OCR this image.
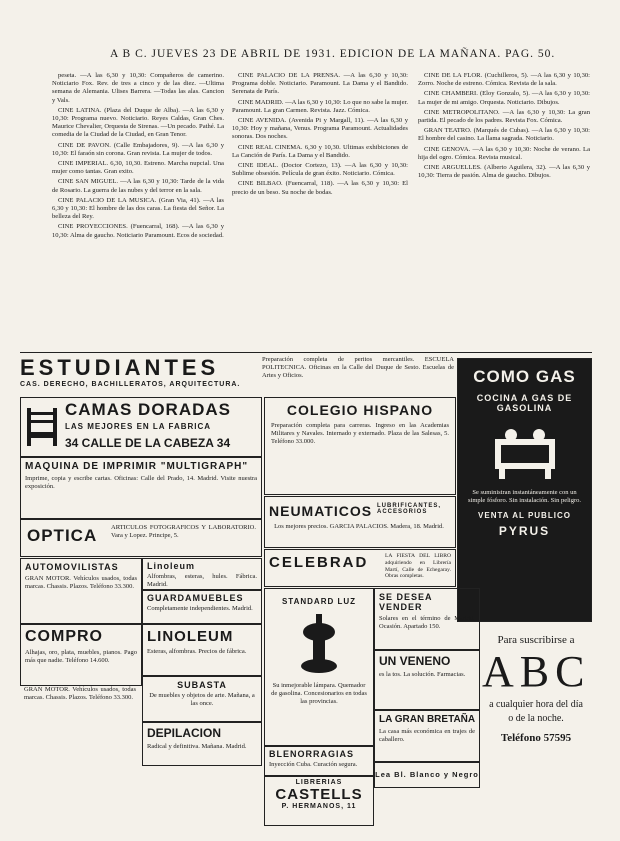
A B C. JUEVES 23 DE ABRIL DE 1931. EDICION DE LA MAÑANA. PAG. 50.

peseta. —A las 6,30 y 10,30: Compañeros de camerino. Noticiario Fox. Rev. de tres a cinco y de las diez. —Ultima semana de Alemania. Ulises Barrera. —Todas las alas. Cancion y Vals.

CINE LATINA. (Plaza del Duque de Alba). —A las 6,30 y 10,30: Programa nuevo. Noticiario. Reyes Caldas, Gran Ches. Maurice Chevalier, Orquesta de Sirenas. —Un pecado. Pathé. La comedia de la Ciudad de la Ciudad, en Gran Tenor.

CINE DE PAVON. (Calle Embajadores, 9). —A las 6,30 y 10,30: El faraón sin corona. Gran revista. La mujer de todos.

CINE IMPERIAL. 6,30, 10,30. Estreno. Marcha nupcial. Una mujer como tantas. Gran exito.

CINE SAN MIGUEL. —A las 6,30 y 10,30: Tarde de la vida de Rosario. La guerra de las nubes y del terror en la sala.

CINE PALACIO DE LA MUSICA. (Gran Via, 41). —A las 6,30 y 10,30: El hombre de las dos caras. La fiesta del Señor. La belleza del Rey.

CINE PROYECCIONES. (Fuencarral, 168). —A las 6,30 y 10,30: Alma de gaucho. Noticiario Paramount. Ecos de sociedad.

CINE PALACIO DE LA PRENSA. —A las 6,30 y 10,30: Programa doble. Noticiario. Paramount. La Dama y el Bandido. Serenata de París.

CINE MADRID. —A las 6,30 y 10,30: Lo que no sabe la mujer. Paramount. La gran Carmen. Revista. Jazz. Cómica.

CINE AVENIDA. (Avenida Pi y Margall, 11). —A las 6,30 y 10,30: Hoy y mañana, Venus. Programa Paramount. Actualidades sonoras. Dos noches.

CINE REAL CINEMA. 6,30 y 10,30. Ultimas exhibiciones de La Canción de París. La Dama y el Bandido.

CINE IDEAL. (Doctor Cortezo, 13). —A las 6,30 y 10,30: Sublime obsesión. Película de gran éxito. Noticiario. Cómica.

CINE BILBAO. (Fuencarral, 118). —A las 6,30 y 10,30: El precio de un beso. Su noche de bodas.

CINE DE LA FLOR. (Cuchilleros, 5). —A las 6,30 y 10,30: Zorro. Noche de estreno. Cómica. Revista de la sala.

CINE CHAMBERI. (Eloy Gonzalo, 5). —A las 6,30 y 10,30: La mujer de mi amigo. Orquesta. Noticiario. Dibujos.

CINE METROPOLITANO. —A las 6,30 y 10,30: La gran partida. El pecado de los padres. Revista Fox. Cómica.

GRAN TEATRO. (Marqués de Cubas). —A las 6,30 y 10,30: El hombre del casino. La llama sagrada. Noticiario.

CINE GENOVA. —A las 6,30 y 10,30: Noche de verano. La hija del ogro. Cómica. Revista musical.

CINE ARGUELLES. (Alberto Aguilera, 32). —A las 6,30 y 10,30: Tierra de pasión. Alma de gaucho. Dibujos.

ESTUDIANTES
CAS. DERECHO, BACHILLERATOS, ARQUITECTURA.
Preparación completa de peritos mercantiles. ESCUELA POLITECNICA. Oficinas en la Calle del Duque de Sesto. Escuelas de Artes y Oficios.	COMO GAS
COCINA A GAS DE GASOLINA
Se suministran instantáneamente con un simple fósforo. Sin instalación. Sin peligro.
VENTA AL PUBLICO
PYRUS
CAMAS DORADAS
LAS MEJORES EN LA FABRICA
34 CALLE DE LA CABEZA 34
COLEGIO HISPANO
Preparación completa para carreras. Ingreso en las Academias Militares y Navales. Internado y externado. Plaza de las Salesas, 5. Teléfono 33.000.
MAQUINA DE IMPRIMIR "MULTIGRAPH"
Imprime, copia y escribe cartas. Oficinas: Calle del Prado, 14. Madrid. Visite nuestra exposición.
NEUMATICOS LUBRIFICANTES, ACCESORIOS
Los mejores precios. GARCIA PALACIOS. Madera, 18. Madrid.
OPTICA ARTICULOS FOTOGRAFICOS Y LABORATORIO. Vara y Lopez. Principe, 5.
CELEBRAD	LA FIESTA DEL LIBRO adquiriendo en Librería Martí, Calle de Echegaray. Obras completas.
AUTOMOVILISTAS
GRAN MOTOR. Vehículos usados, todas marcas. Chassis. Plazos. Teléfono 33.300.
Linoleum
Alfombras, esteras, hules. Fábrica. Madrid.
GUARDAMUEBLES
Completamente independientes. Madrid.
LINOLEUM
Esteras, alfombras. Precios de fábrica.
COMPRO
Alhajas, oro, plata, muebles, pianos. Pago más que nadie. Teléfono 14.600.
SUBASTA
De muebles y objetos de arte. Mañana, a las once.
GRAN MOTOR. Vehículos usados, todas marcas. Chassis. Plazos. Teléfono 33.300.
DEPILACION
Radical y definitiva. Mañana. Madrid.
STANDARD LUZ
Su inmejorable lámpara. Quemador de gasolina. Concesionarios en todas las provincias.
BLENORRAGIAS
Inyección Cuba. Curación segura.
LIBRERIAS
CASTELLS
P. HERMANOS, 11
SE DESEA VENDER
Solares en el término de Madrid. Ocasión. Apartado 150.
UN VENENO
es la tos. La solución. Farmacias.
LA GRAN BRETAÑA
La casa más económica en trajes de caballero.
Lea Bl. Blanco y Negro
Para suscribirse a
ABC
a cualquier hora del día o de la noche.
Teléfono 57595
